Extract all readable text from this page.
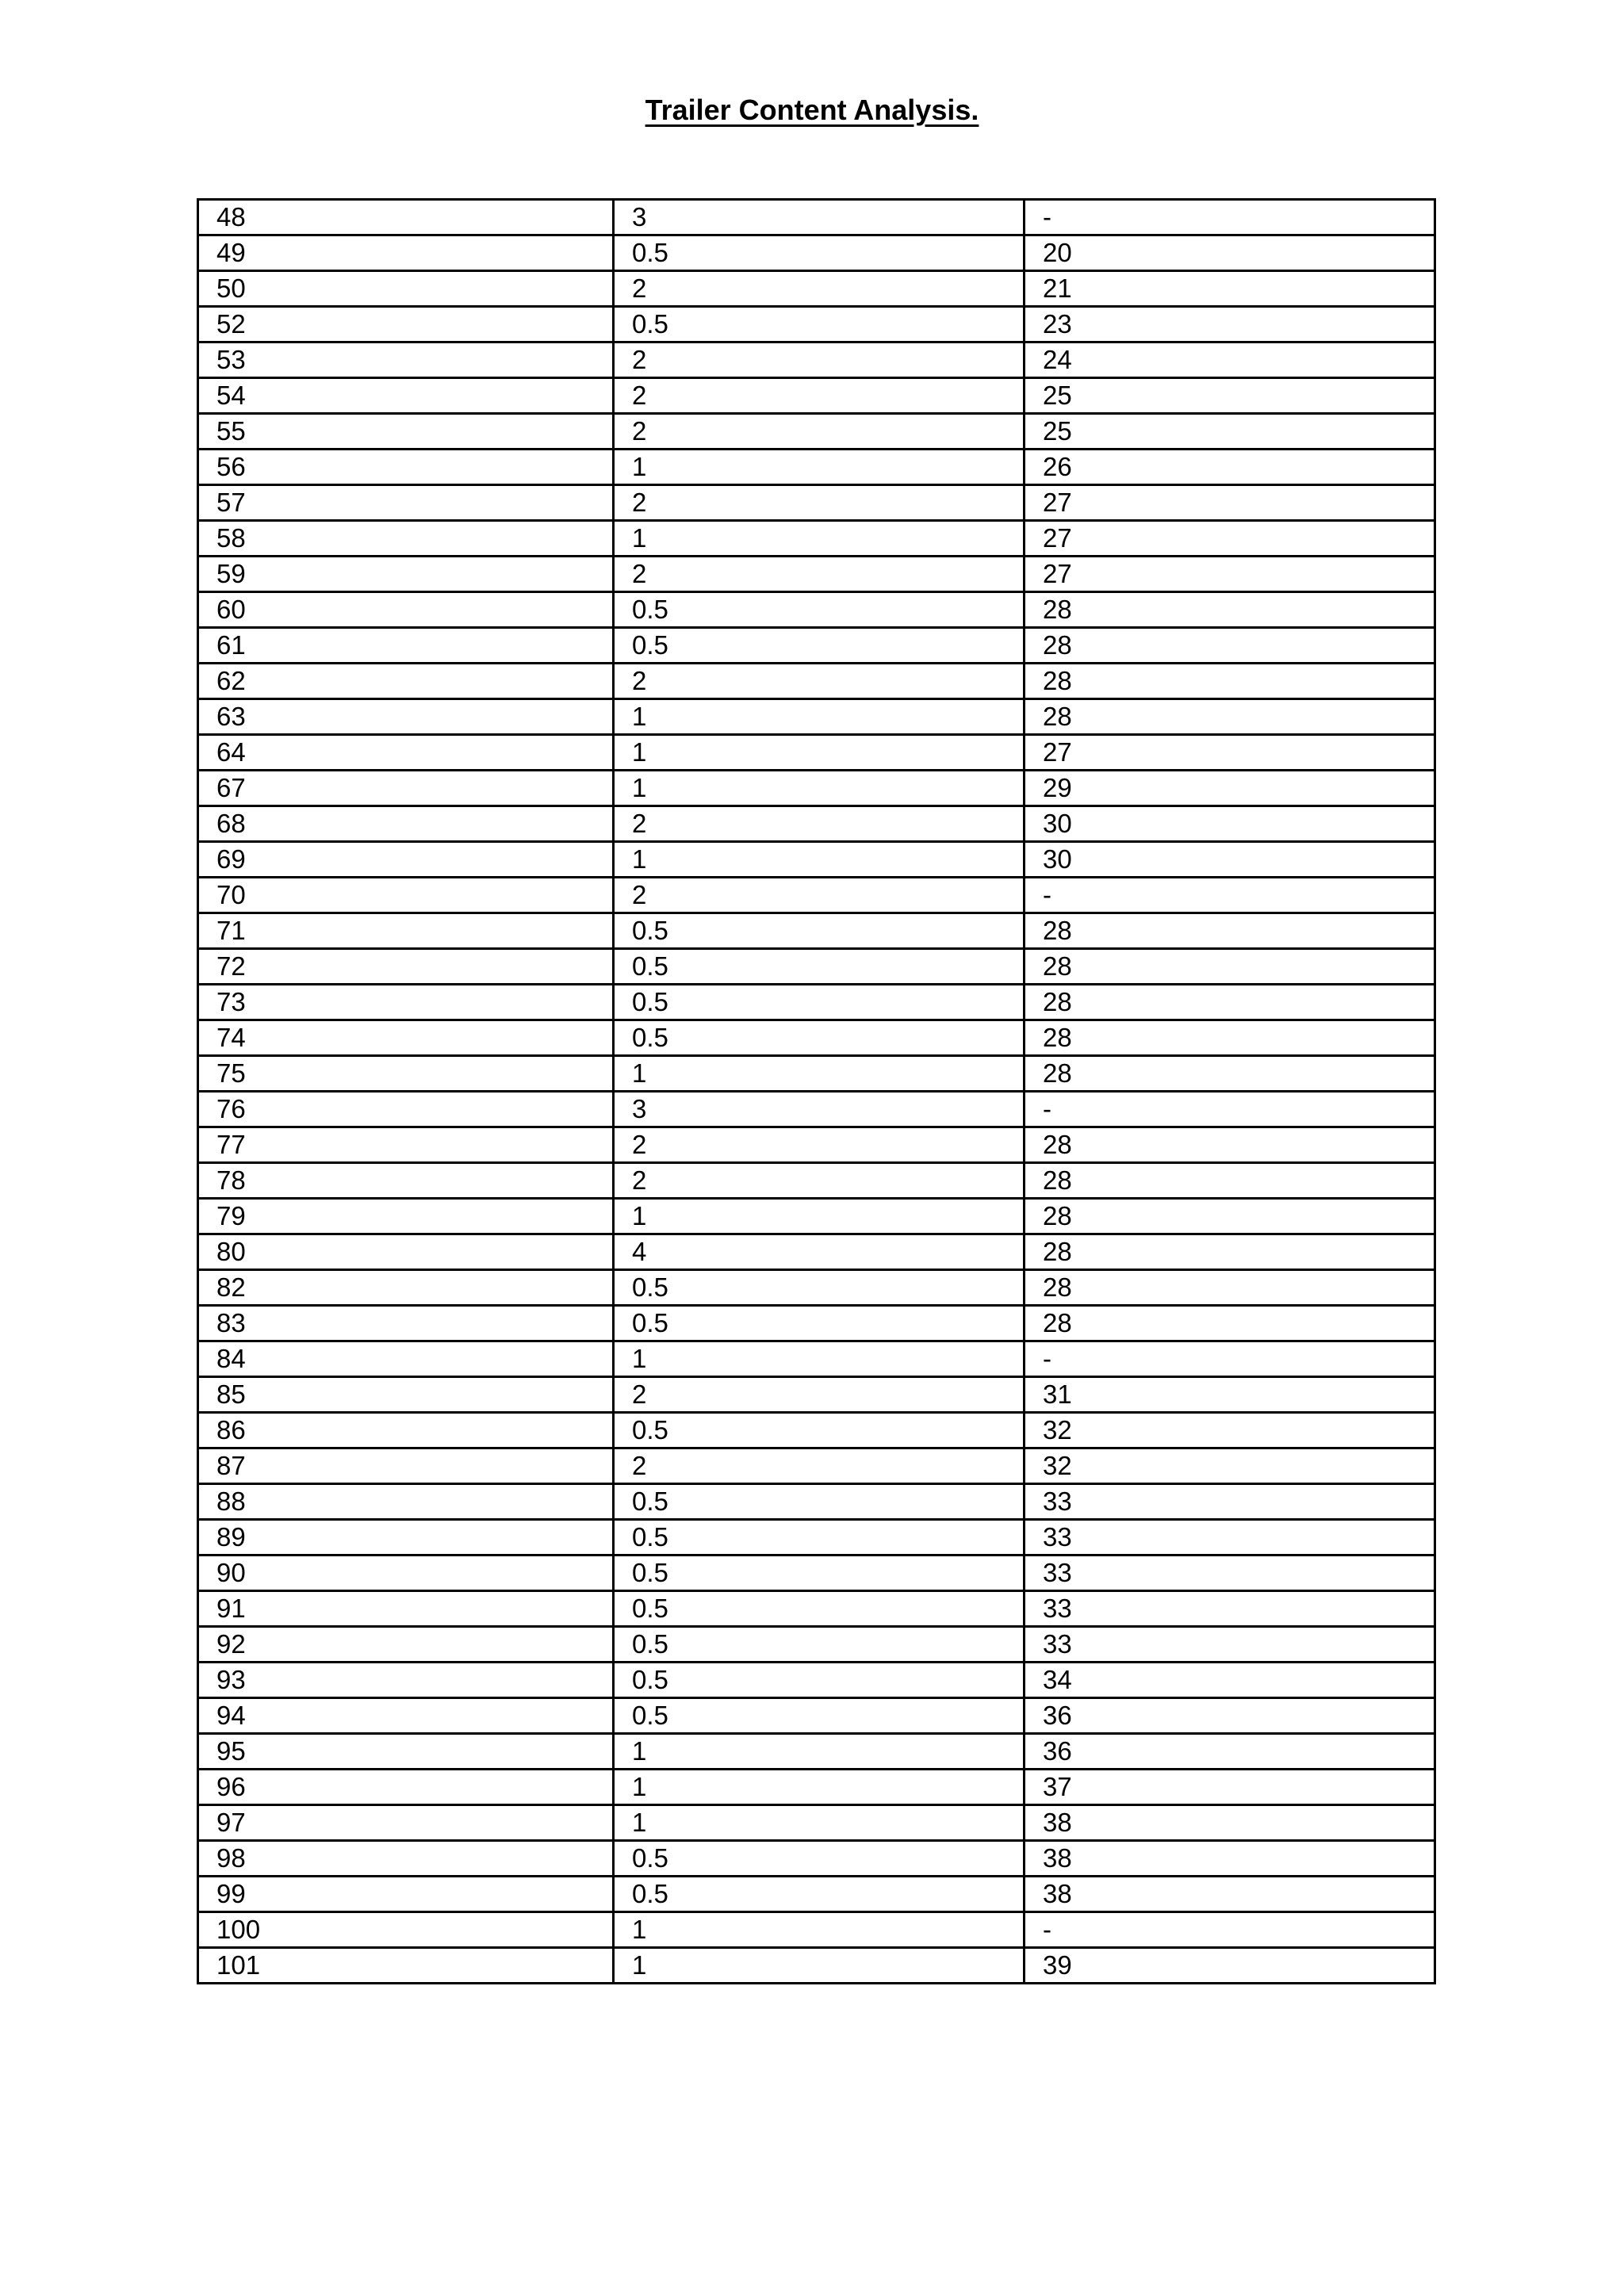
Trailer Content Analysis.
48	3	-
49	0.5	20
50	2	21
52	0.5	23
53	2	24
54	2	25
55	2	25
56	1	26
57	2	27
58	1	27
59	2	27
60	0.5	28
61	0.5	28
62	2	28
63	1	28
64	1	27
67	1	29
68	2	30
69	1	30
70	2	-
71	0.5	28
72	0.5	28
73	0.5	28
74	0.5	28
75	1	28
76	3	-
77	2	28
78	2	28
79	1	28
80	4	28
82	0.5	28
83	0.5	28
84	1	-
85	2	31
86	0.5	32
87	2	32
88	0.5	33
89	0.5	33
90	0.5	33
91	0.5	33
92	0.5	33
93	0.5	34
94	0.5	36
95	1	36
96	1	37
97	1	38
98	0.5	38
99	0.5	38
100	1	-
101	1	39
